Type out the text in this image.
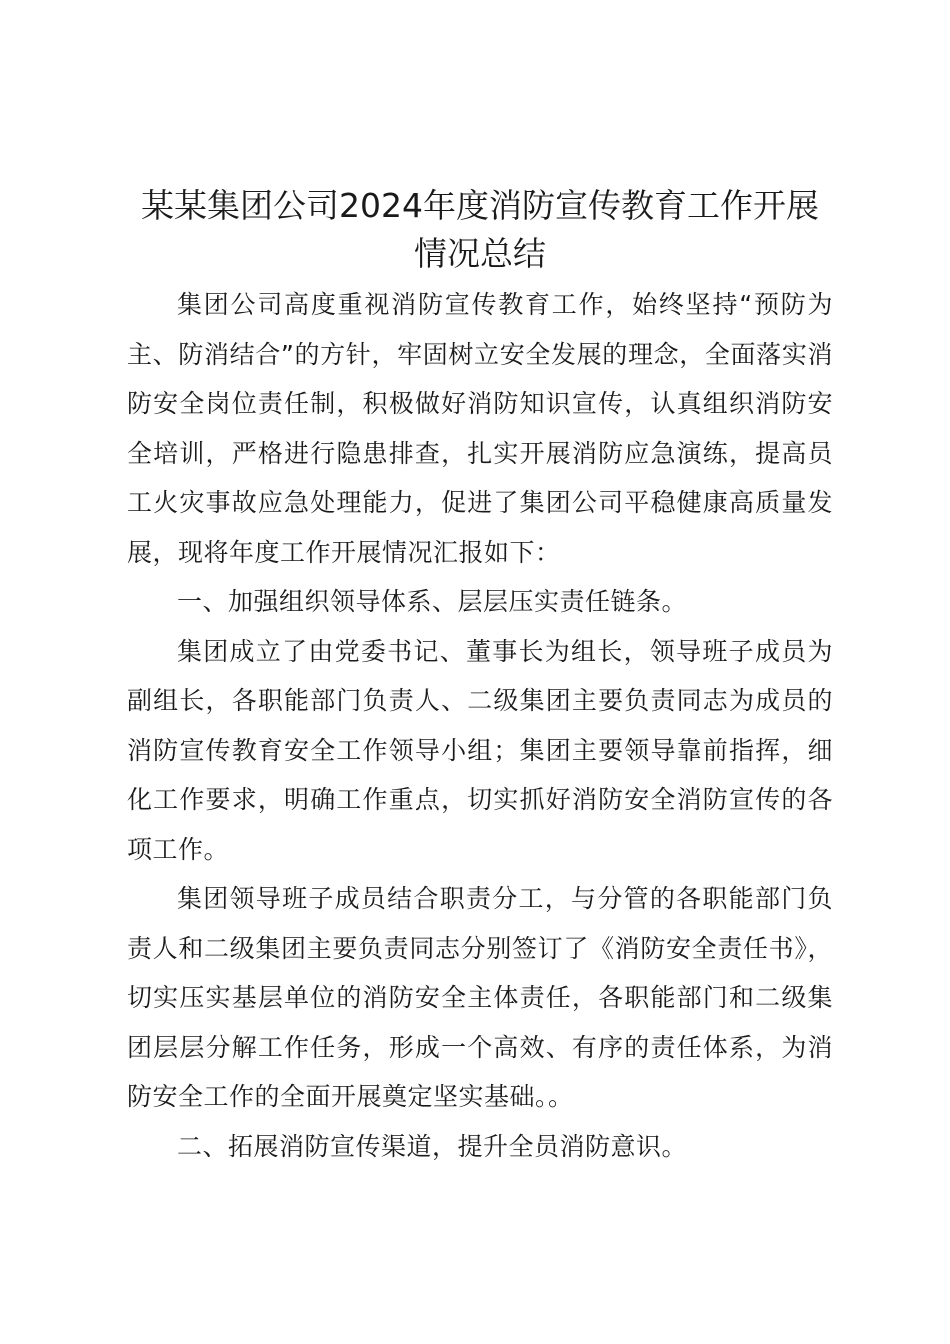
某某集团公司2024年度消防宣传教育工作开展情况总结

集团公司高度重视消防宣传教育工作，始终坚持“预防为主、防消结合”的方针，牢固树立安全发展的理念，全面落实消防安全岗位责任制，积极做好消防知识宣传，认真组织消防安全培训，严格进行隐患排查，扎实开展消防应急演练，提高员工火灾事故应急处理能力，促进了集团公司平稳健康高质量发展，现将年度工作开展情况汇报如下：

一、加强组织领导体系、层层压实责任链条。

集团成立了由党委书记、董事长为组长，领导班子成员为副组长，各职能部门负责人、二级集团主要负责同志为成员的消防宣传教育安全工作领导小组；集团主要领导靠前指挥，细化工作要求，明确工作重点，切实抓好消防安全消防宣传的各项工作。

集团领导班子成员结合职责分工，与分管的各职能部门负责人和二级集团主要负责同志分别签订了《消防安全责任书》，切实压实基层单位的消防安全主体责任，各职能部门和二级集团层层分解工作任务，形成一个高效、有序的责任体系，为消防安全工作的全面开展奠定坚实基础。。

二、拓展消防宣传渠道，提升全员消防意识。
